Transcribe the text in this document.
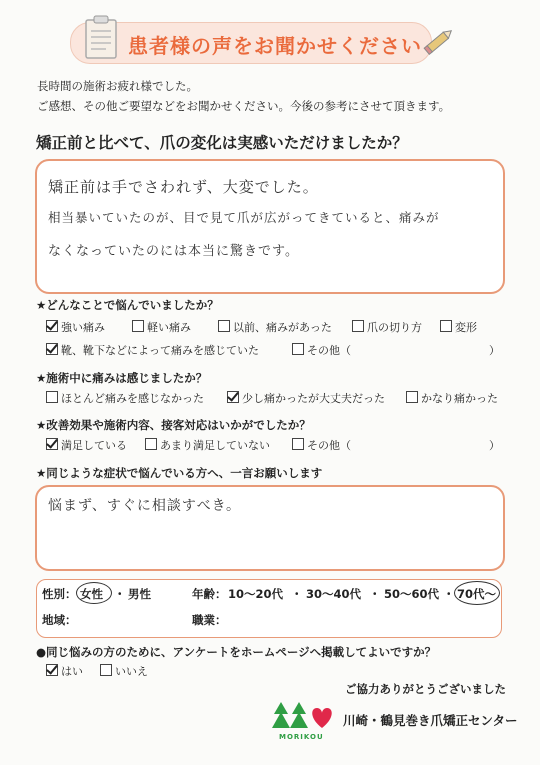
患者様の声をお聞かせください
長時間の施術お疲れ様でした。
ご感想、その他ご要望などをお聞かせください。今後の参考にさせて頂きます。
矯正前と比べて、爪の変化は実感いただけましたか？
矯正前は手でさわれず、大変でした。
相当暴いていたのが、目で見て爪が広がってきていると、痛みが
なくなっていたのには本当に驚きです。
★どんなことで悩んでいましたか？
強い痛み	軽い痛み	以前、痛みがあった	爪の切り方	変形
靴、靴下などによって痛みを感じていた	その他（	）
★施術中に痛みは感じましたか？
ほとんど痛みを感じなかった	少し痛かったが大丈夫だった	かなり痛かった
★改善効果や施術内容、接客対応はいかがでしたか？
満足している	あまり満足していない	その他（	）
★同じような症状で悩んでいる方へ、一言お願いします
悩まず、すぐに相談すべき。
性別： 女性 ・ 男性	年齢： 10～20代 ・ 30～40代 ・ 50～60代 ・ 70代～
地域：	職業：
●同じ悩みの方のために、アンケートをホームページへ掲載してよいですか？
はい	いいえ
ご協力ありがとうございました
MORIKOU
川崎・鶴見巻き爪矯正センター
